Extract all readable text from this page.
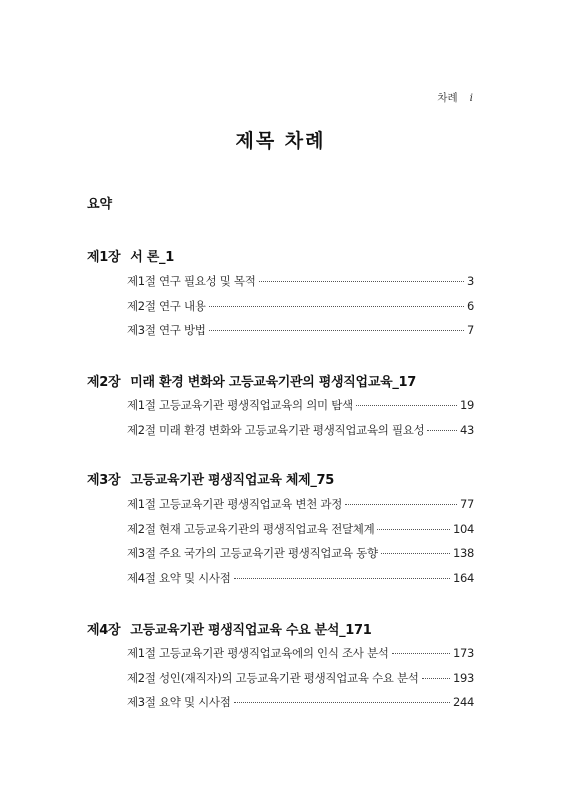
차례 i
제목 차례
요약
제1장 서 론_1
제1절 연구 필요성 및 목적	3
제2절 연구 내용	6
제3절 연구 방법	7
제2장 미래 환경 변화와 고등교육기관의 평생직업교육_17
제1절 고등교육기관 평생직업교육의 의미 탐색	19
제2절 미래 환경 변화와 고등교육기관 평생직업교육의 필요성	43
제3장 고등교육기관 평생직업교육 체제_75
제1절 고등교육기관 평생직업교육 변천 과정	77
제2절 현재 고등교육기관의 평생직업교육 전달체계	104
제3절 주요 국가의 고등교육기관 평생직업교육 동향	138
제4절 요약 및 시사점	164
제4장 고등교육기관 평생직업교육 수요 분석_171
제1절 고등교육기관 평생직업교육에의 인식 조사 분석	173
제2절 성인(재직자)의 고등교육기관 평생직업교육 수요 분석	193
제3절 요약 및 시사점	244
